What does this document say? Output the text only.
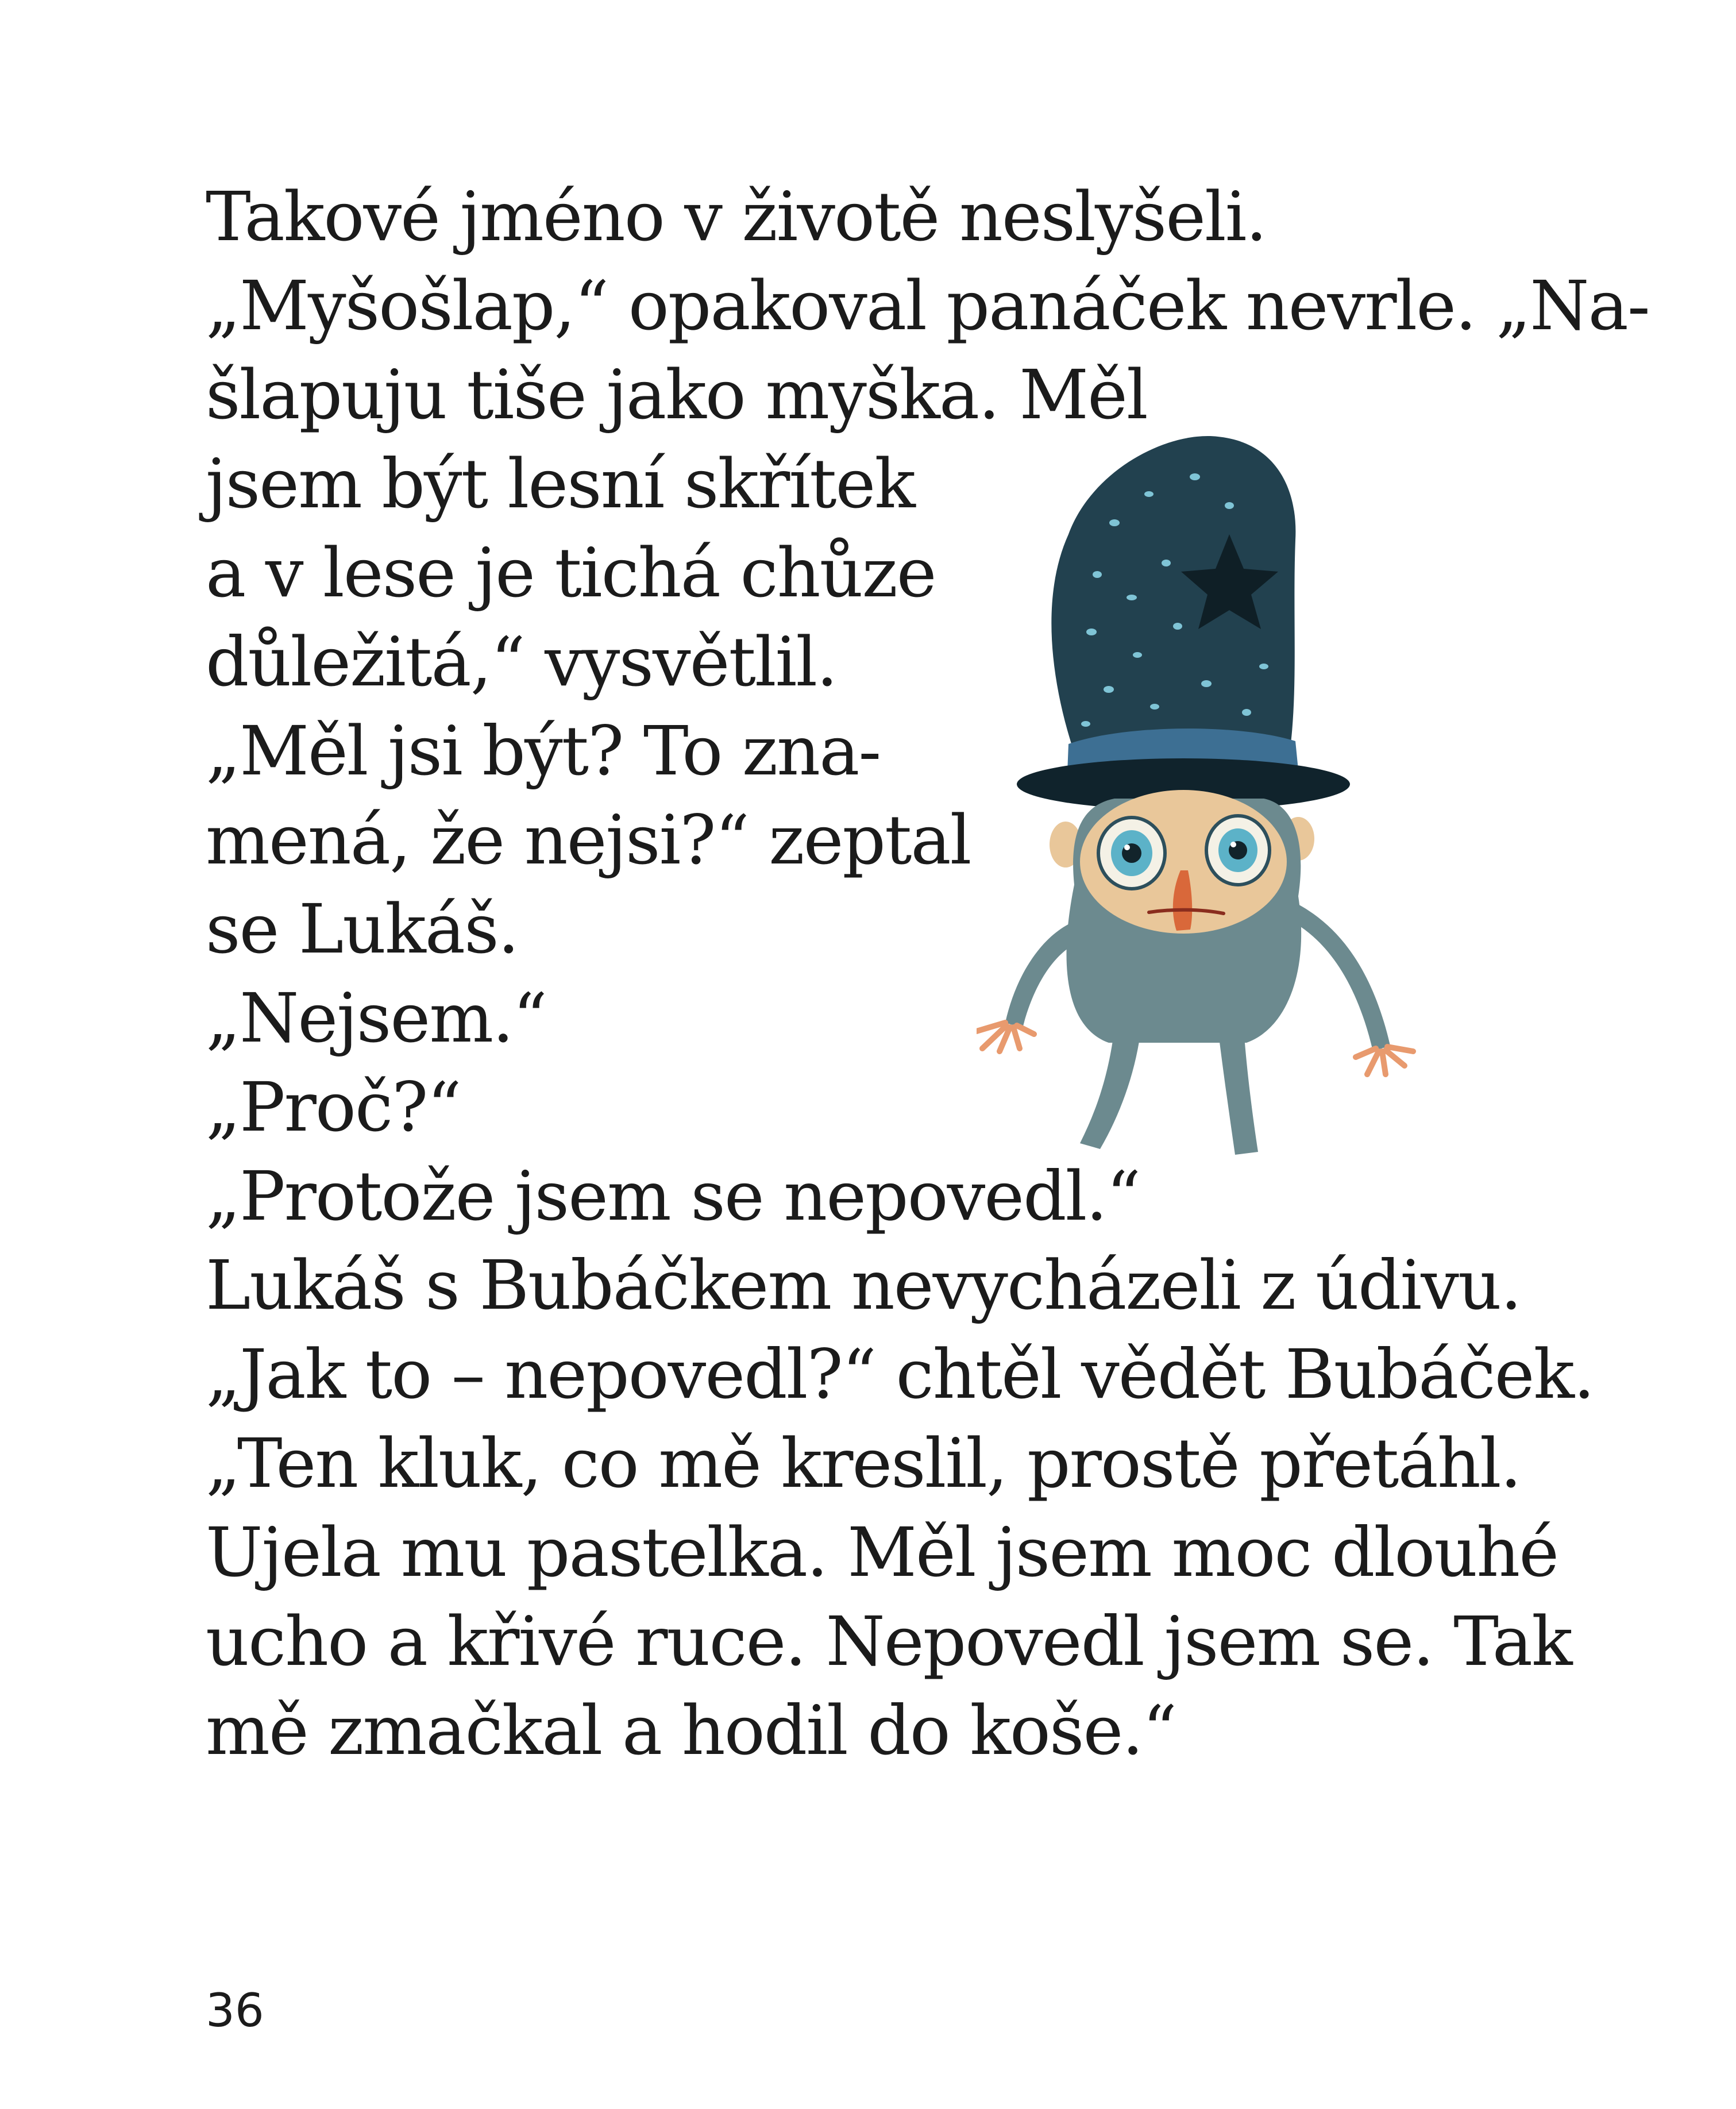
Takové jméno v životě neslyšeli.
„Myšošlap,“ opakoval panáček nevrle. „Na-
šlapuju tiše jako myška. Měl
jsem být lesní skřítek
a v lese je tichá chůze
důležitá,“ vysvětlil.
„Měl jsi být? To zna-
mená, že nejsi?“ zeptal
se Lukáš.
„Nejsem.“
„Proč?“
„Protože jsem se nepovedl.“
Lukáš s Bubáčkem nevycházeli z údivu.
„Jak to – nepovedl?“ chtěl vědět Bubáček.
„Ten kluk, co mě kreslil, prostě přetáhl.
Ujela mu pastelka. Měl jsem moc dlouhé
ucho a křivé ruce. Nepovedl jsem se. Tak
mě zmačkal a hodil do koše.“
36
